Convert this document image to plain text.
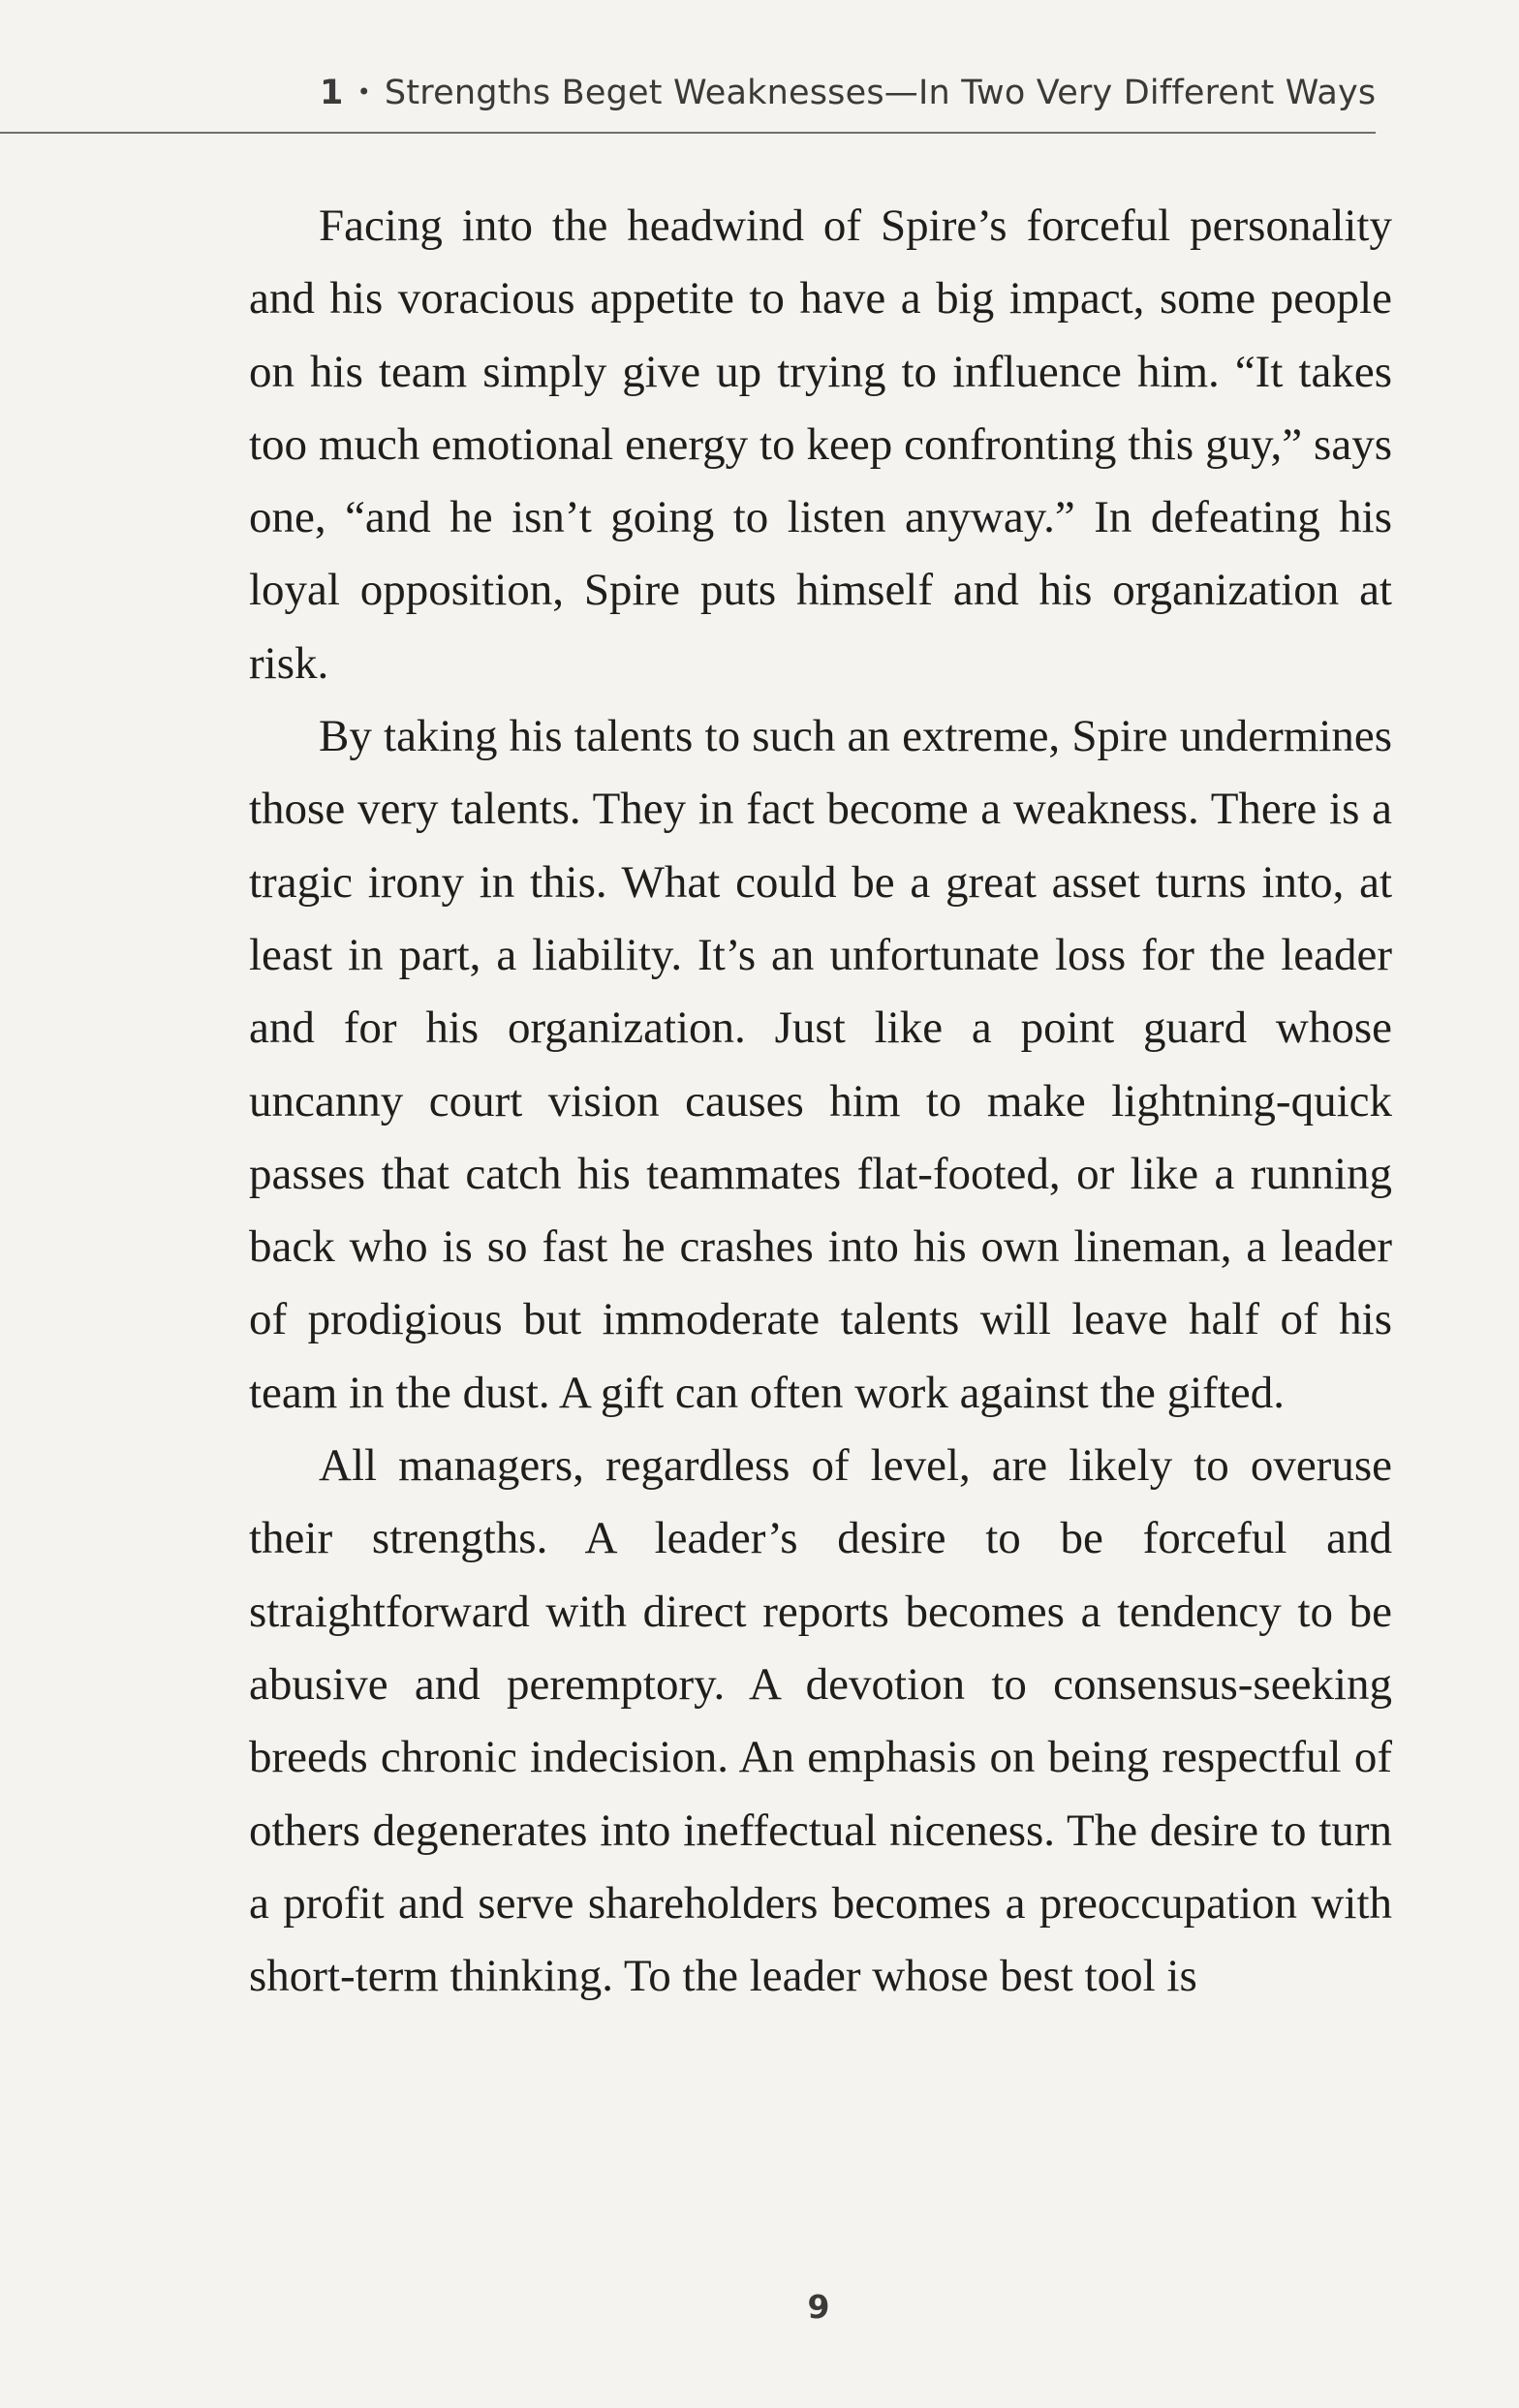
1 • Strengths Beget Weaknesses—In Two Very Different Ways

Facing into the headwind of Spire’s forceful personality and his voracious appetite to have a big impact, some people on his team simply give up trying to influence him. “It takes too much emotional energy to keep confronting this guy,” says one, “and he isn’t going to listen anyway.” In defeating his loyal opposition, Spire puts himself and his organization at risk.

By taking his talents to such an extreme, Spire undermines those very talents. They in fact become a weakness. There is a tragic irony in this. What could be a great asset turns into, at least in part, a liability. It’s an unfortunate loss for the leader and for his organization. Just like a point guard whose uncanny court vision causes him to make lightning-quick passes that catch his teammates flat-footed, or like a running back who is so fast he crashes into his own lineman, a leader of prodigious but immoderate talents will leave half of his team in the dust. A gift can often work against the gifted.

All managers, regardless of level, are likely to overuse their strengths. A leader’s desire to be forceful and straightforward with direct reports becomes a tendency to be abusive and peremptory. A devotion to consensus-seeking breeds chronic indecision. An emphasis on being respectful of others degenerates into ineffectual niceness. The desire to turn a profit and serve shareholders becomes a preoccupation with short-term thinking. To the leader whose best tool is

9
